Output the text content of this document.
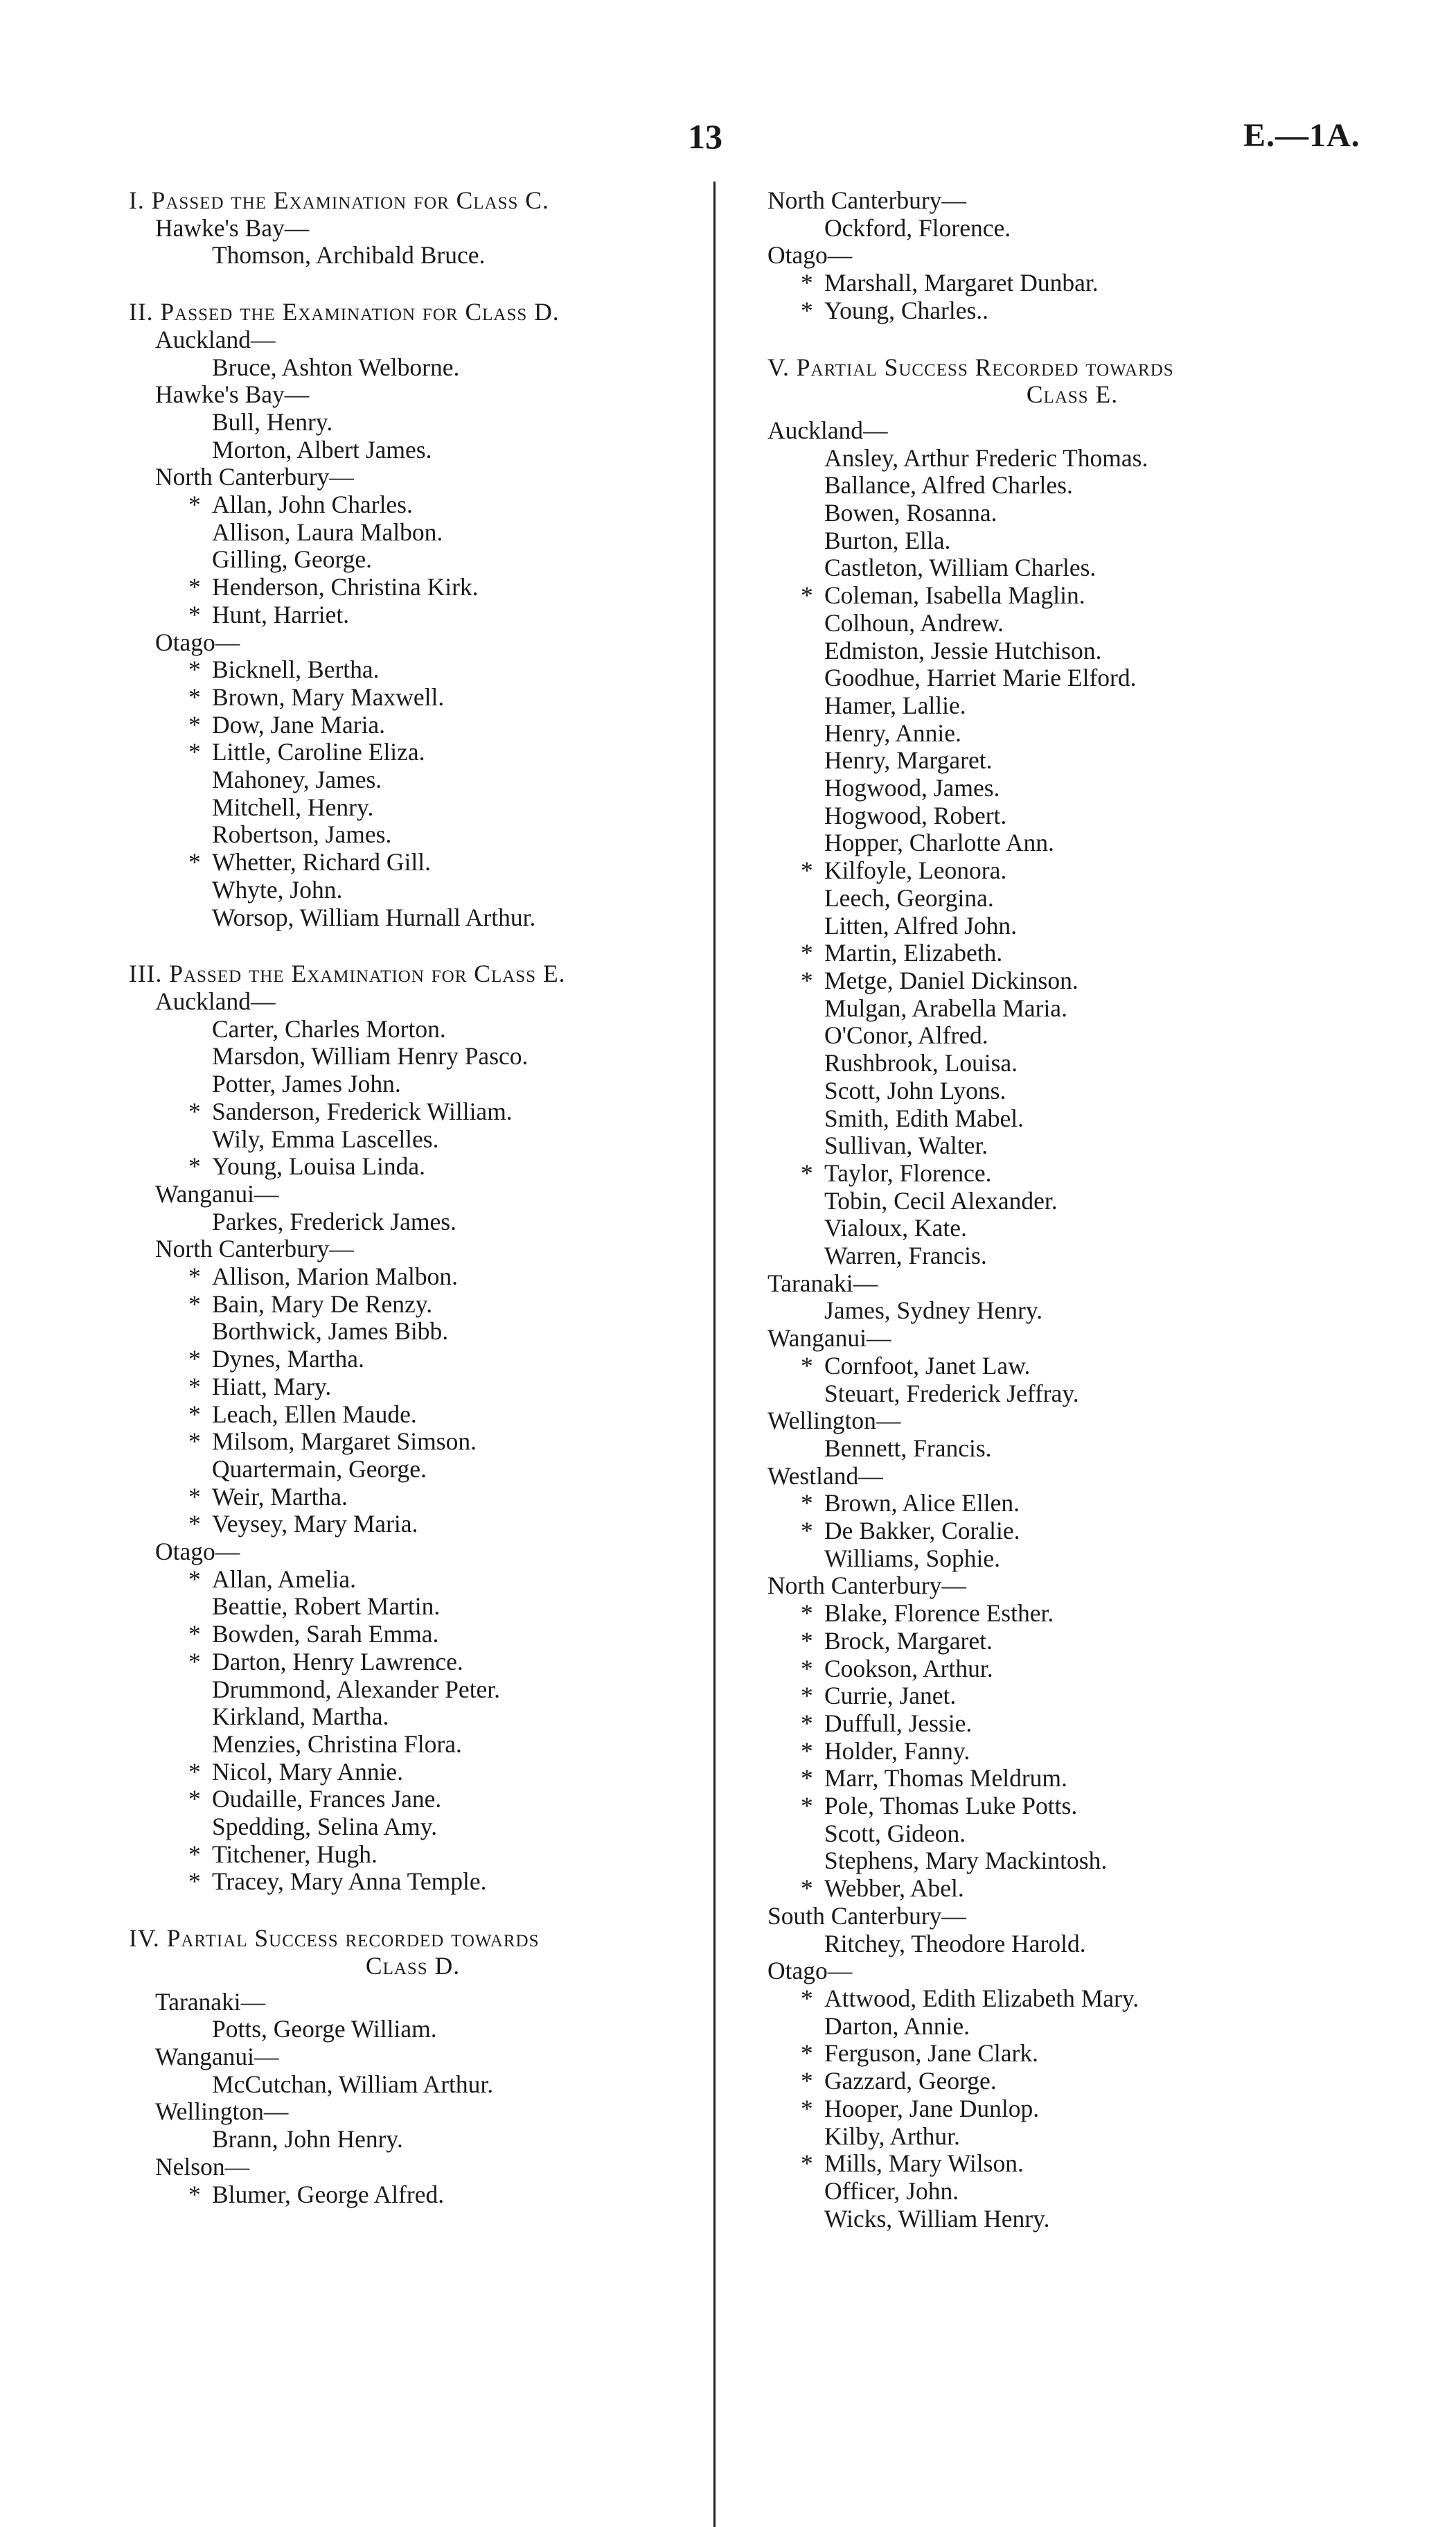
13	E.—1A.
I. Passed the Examination for Class C.
Hawke's Bay—
Thomson, Archibald Bruce.
II. Passed the Examination for Class D.
Auckland—
Bruce, Ashton Welborne.
Hawke's Bay—
Bull, Henry.
Morton, Albert James.
North Canterbury—
* Allan, John Charles.
Allison, Laura Malbon.
Gilling, George.
* Henderson, Christina Kirk.
* Hunt, Harriet.
Otago—
* Bicknell, Bertha.
* Brown, Mary Maxwell.
* Dow, Jane Maria.
* Little, Caroline Eliza.
Mahoney, James.
Mitchell, Henry.
Robertson, James.
* Whetter, Richard Gill.
Whyte, John.
Worsop, William Hurnall Arthur.
III. Passed the Examination for Class E.
Auckland—
Carter, Charles Morton.
Marsdon, William Henry Pasco.
Potter, James John.
* Sanderson, Frederick William.
Wily, Emma Lascelles.
* Young, Louisa Linda.
Wanganui—
Parkes, Frederick James.
North Canterbury—
* Allison, Marion Malbon.
* Bain, Mary De Renzy.
Borthwick, James Bibb.
* Dynes, Martha.
* Hiatt, Mary.
* Leach, Ellen Maude.
* Milsom, Margaret Simson.
Quartermain, George.
* Weir, Martha.
* Veysey, Mary Maria.
Otago—
* Allan, Amelia.
Beattie, Robert Martin.
* Bowden, Sarah Emma.
* Darton, Henry Lawrence.
Drummond, Alexander Peter.
Kirkland, Martha.
Menzies, Christina Flora.
* Nicol, Mary Annie.
* Oudaille, Frances Jane.
Spedding, Selina Amy.
* Titchener, Hugh.
* Tracey, Mary Anna Temple.
IV. Partial Success recorded towards
Class D.
Taranaki—
Potts, George William.
Wanganui—
McCutchan, William Arthur.
Wellington—
Brann, John Henry.
Nelson—
* Blumer, George Alfred.
North Canterbury—
Ockford, Florence.
Otago—
* Marshall, Margaret Dunbar.
* Young, Charles..
V. Partial Success Recorded towards
Class E.
Auckland—
Ansley, Arthur Frederic Thomas.
Ballance, Alfred Charles.
Bowen, Rosanna.
Burton, Ella.
Castleton, William Charles.
* Coleman, Isabella Maglin.
Colhoun, Andrew.
Edmiston, Jessie Hutchison.
Goodhue, Harriet Marie Elford.
Hamer, Lallie.
Henry, Annie.
Henry, Margaret.
Hogwood, James.
Hogwood, Robert.
Hopper, Charlotte Ann.
* Kilfoyle, Leonora.
Leech, Georgina.
Litten, Alfred John.
* Martin, Elizabeth.
* Metge, Daniel Dickinson.
Mulgan, Arabella Maria.
O'Conor, Alfred.
Rushbrook, Louisa.
Scott, John Lyons.
Smith, Edith Mabel.
Sullivan, Walter.
* Taylor, Florence.
Tobin, Cecil Alexander.
Vialoux, Kate.
Warren, Francis.
Taranaki—
James, Sydney Henry.
Wanganui—
* Cornfoot, Janet Law.
Steuart, Frederick Jeffray.
Wellington—
Bennett, Francis.
Westland—
* Brown, Alice Ellen.
* De Bakker, Coralie.
Williams, Sophie.
North Canterbury—
* Blake, Florence Esther.
* Brock, Margaret.
* Cookson, Arthur.
* Currie, Janet.
* Duffull, Jessie.
* Holder, Fanny.
* Marr, Thomas Meldrum.
* Pole, Thomas Luke Potts.
Scott, Gideon.
Stephens, Mary Mackintosh.
* Webber, Abel.
South Canterbury—
Ritchey, Theodore Harold.
Otago—
* Attwood, Edith Elizabeth Mary.
Darton, Annie.
* Ferguson, Jane Clark.
* Gazzard, George.
* Hooper, Jane Dunlop.
Kilby, Arthur.
* Mills, Mary Wilson.
Officer, John.
Wicks, William Henry.
